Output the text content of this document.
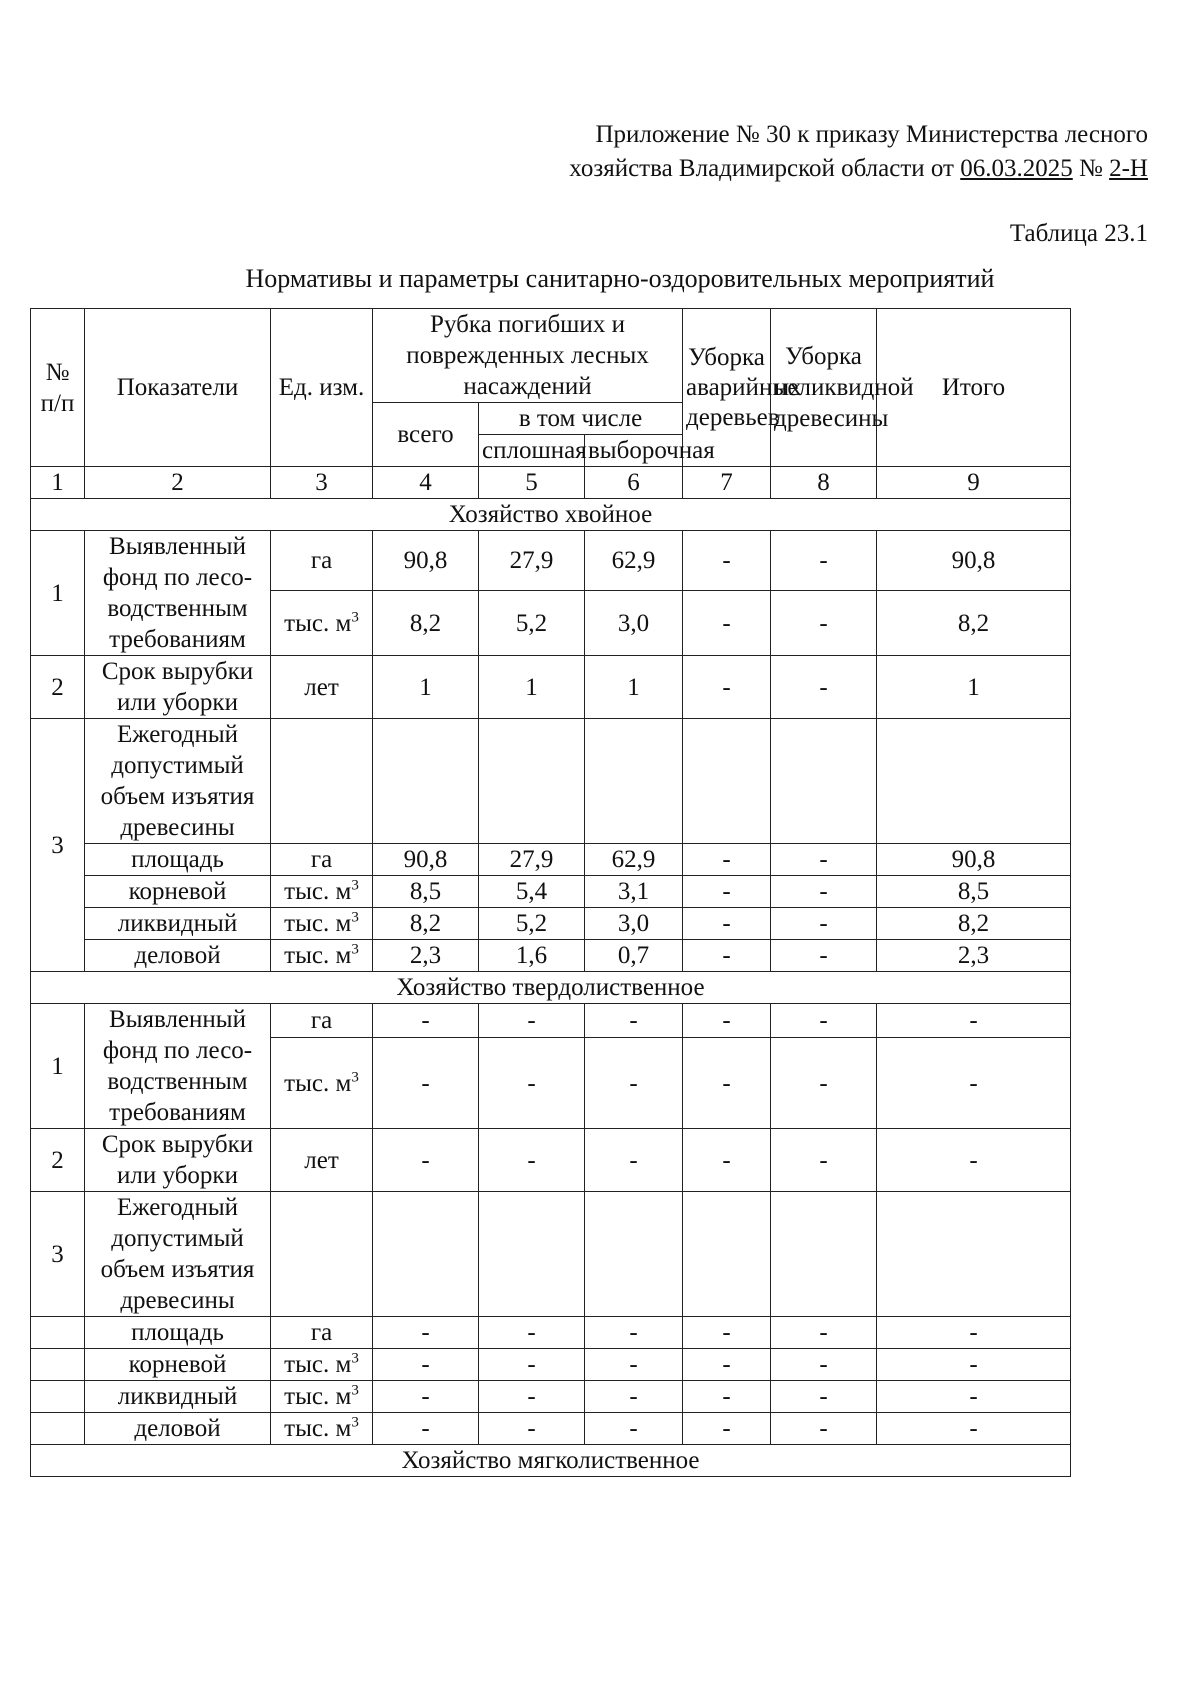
Приложение № 30 к приказу Министерства лесного
хозяйства Владимирской области от 06.03.2025 № 2-Н
Таблица 23.1
Нормативы и параметры санитарно-оздоровительных мероприятий
№ п/п	Показатели	Ед. изм.	Рубка погибших и поврежденных лесных насаждений			Уборка аварийных деревьев	Уборка неликвидной древесины	Итого
			всего	в том числе				
				сплошная	выборочная			
1	2	3	4	5	6	7	8	9
Хозяйство хвойное								
1	Выявленный фонд по лесо-водственным требованиям	га	90,8	27,9	62,9	-	-	90,8
		тыс. $м^3$	8,2	5,2	3,0	-	-	8,2
2	Срок вырубки или уборки	лет	1	1	1	-	-	1
3	Ежегодный допустимый объем изъятия древесины							
	площадь	га	90,8	27,9	62,9	-	-	90,8
	корневой	тыс. $м^3$	8,5	5,4	3,1	-	-	8,5
	ликвидный	тыс. $м^3$	8,2	5,2	3,0	-	-	8,2
	деловой	тыс. $м^3$	2,3	1,6	0,7	-	-	2,3
Хозяйство твердолиственное								
1	Выявленный фонд по лесо-водственным требованиям	га	-	-	-	-	-	-
		тыс. $м^3$	-	-	-	-	-	-
2	Срок вырубки или уборки	лет	-	-	-	-	-	-
3	Ежегодный допустимый объем изъятия древесины							
	площадь	га	-	-	-	-	-	-
	корневой	тыс. $м^3$	-	-	-	-	-	-
	ликвидный	тыс. $м^3$	-	-	-	-	-	-
	деловой	тыс. $м^3$	-	-	-	-	-	-
Хозяйство мягколиственное								
